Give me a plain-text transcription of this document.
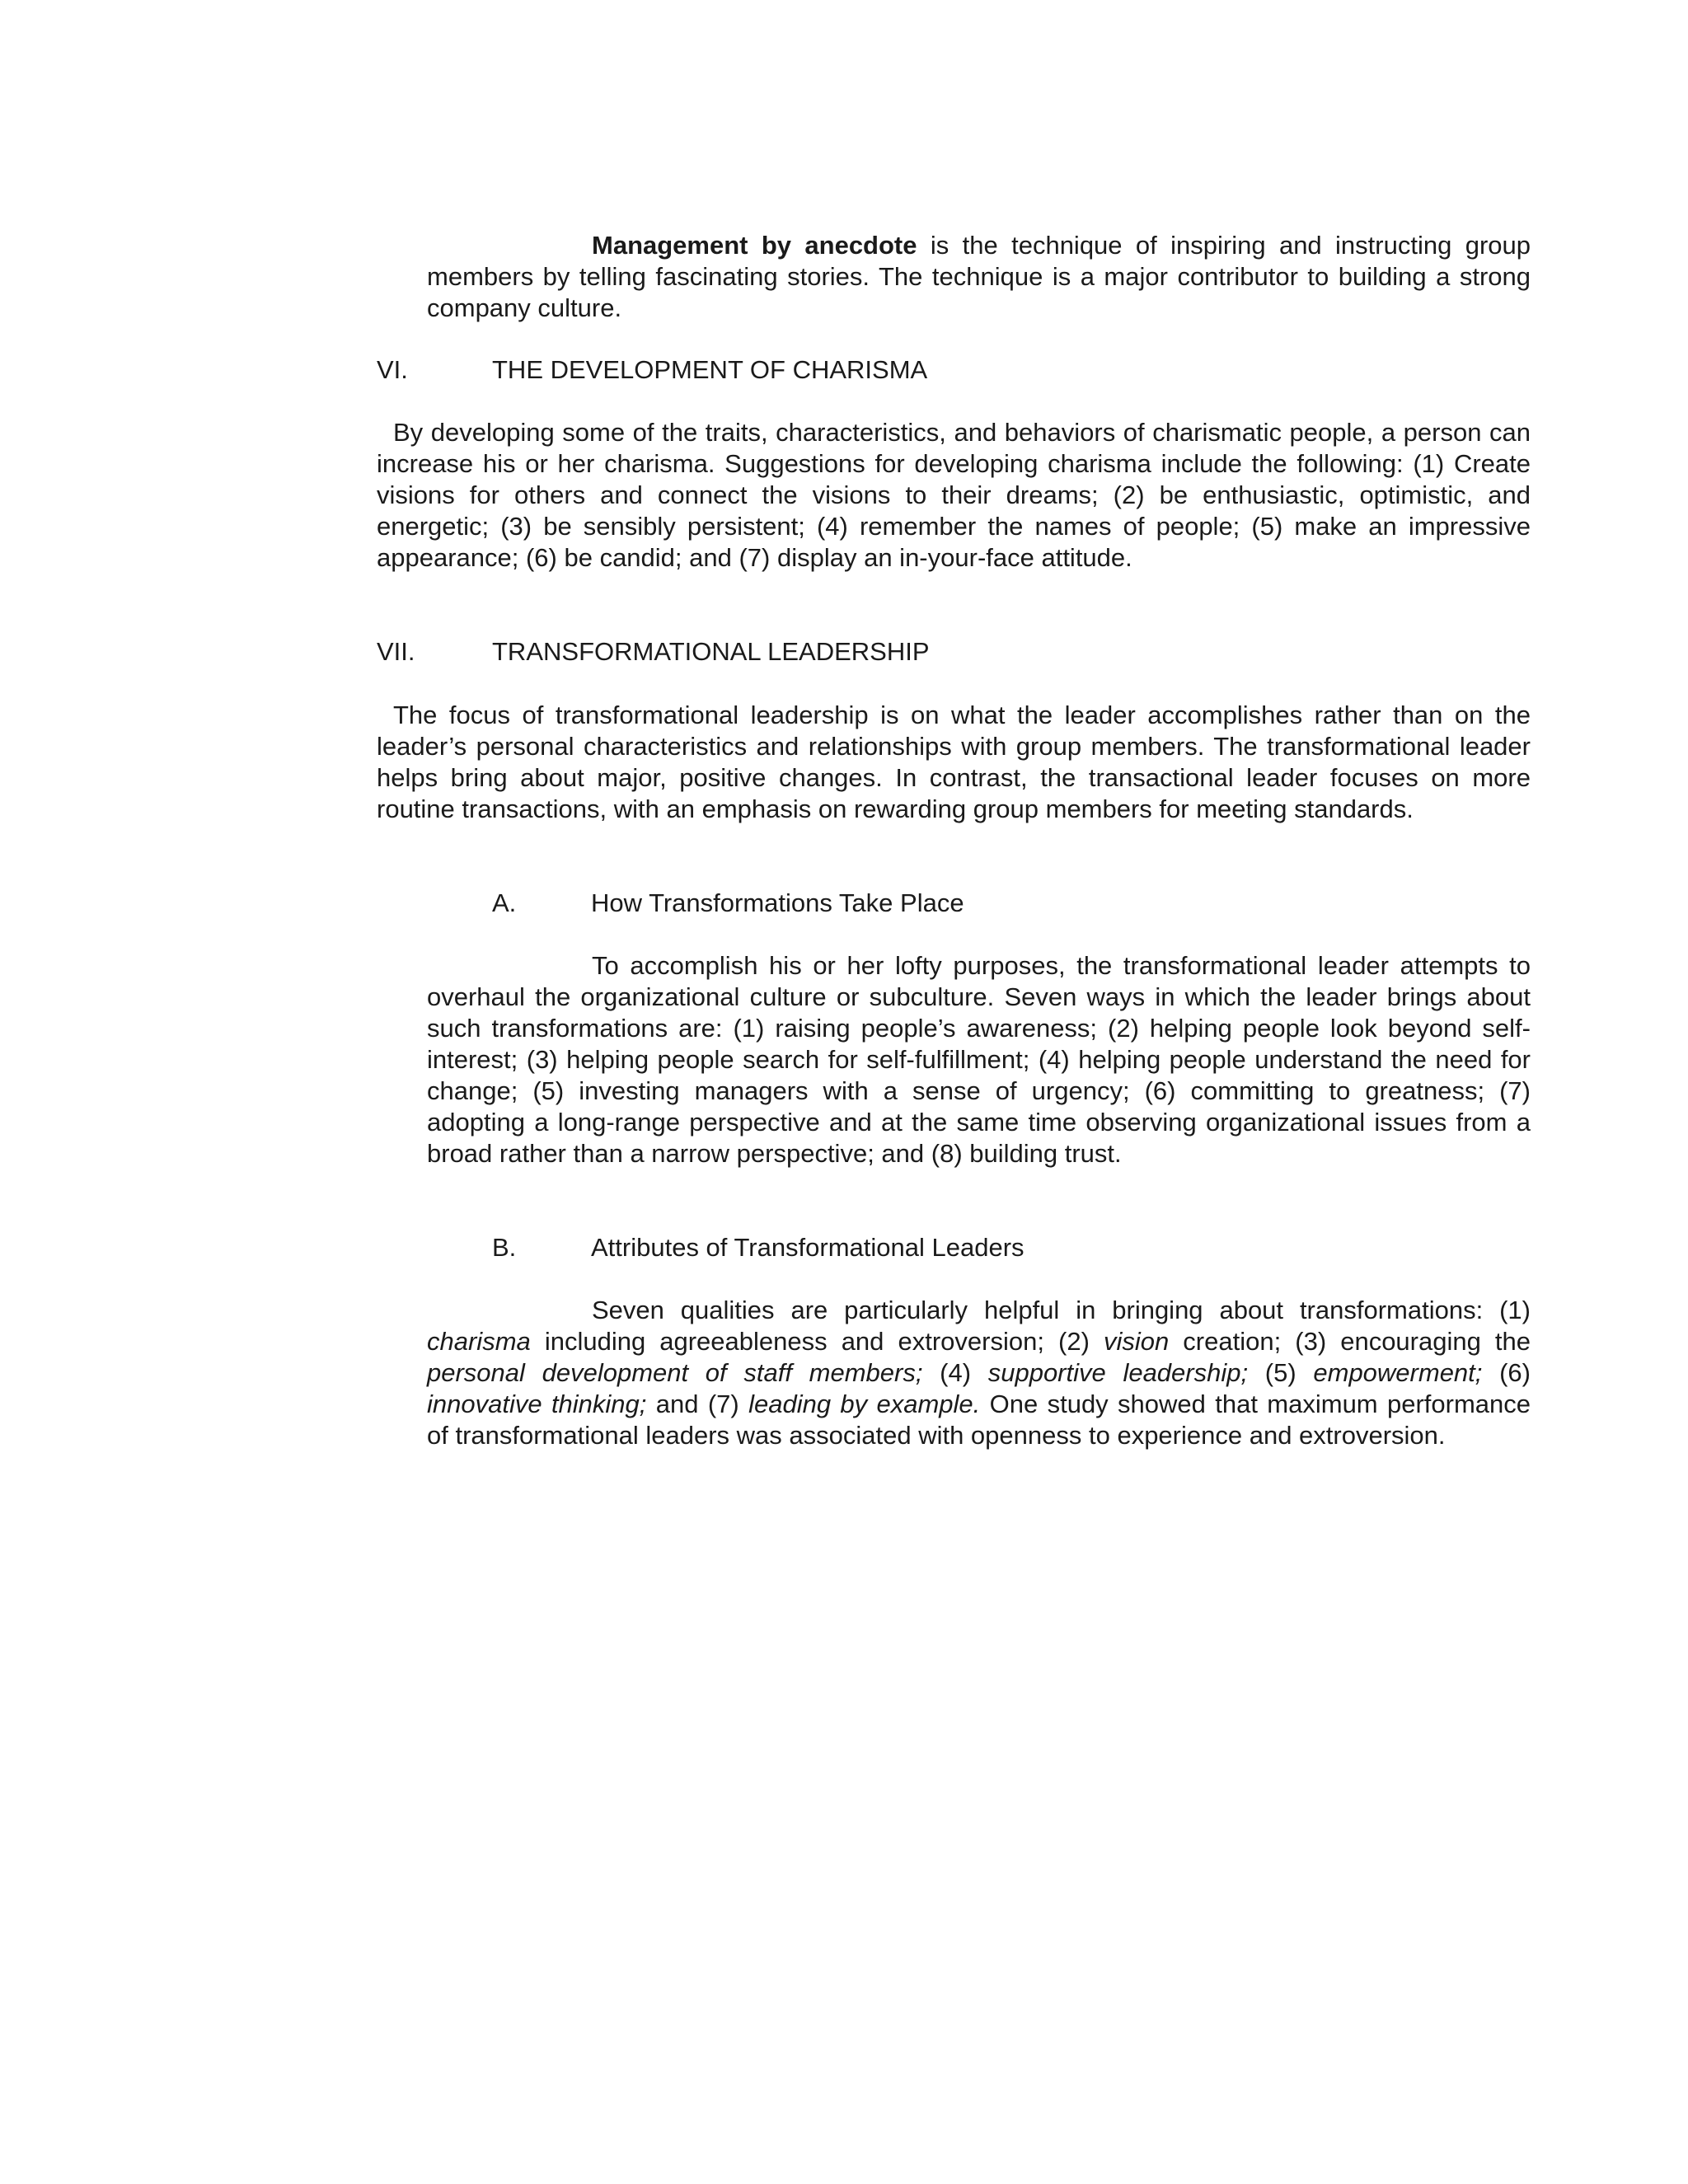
Management by anecdote is the technique of inspiring and instructing group members by telling fascinating stories. The technique is a major contributor to building a strong company culture.

VI.	THE DEVELOPMENT OF CHARISMA

By developing some of the traits, characteristics, and behaviors of charismatic people, a person can increase his or her charisma. Suggestions for developing charisma include the following: (1) Create visions for others and connect the visions to their dreams; (2) be enthusiastic, optimistic, and energetic; (3) be sensibly persistent; (4) remember the names of people; (5) make an impressive appearance; (6) be candid; and (7) display an in-your-face attitude.

VII.	TRANSFORMATIONAL LEADERSHIP

The focus of transformational leadership is on what the leader accomplishes rather than on the leader’s personal characteristics and relationships with group members. The transformational leader helps bring about major, positive changes. In contrast, the transactional leader focuses on more routine transactions, with an emphasis on rewarding group members for meeting standards.

A.	How Transformations Take Place

To accomplish his or her lofty purposes, the transformational leader attempts to overhaul the organizational culture or subculture. Seven ways in which the leader brings about such transformations are: (1) raising people’s awareness; (2) helping people look beyond self-interest; (3) helping people search for self-fulfillment; (4) helping people understand the need for change; (5) investing managers with a sense of urgency; (6) committing to greatness; (7) adopting a long-range perspective and at the same time observing organizational issues from a broad rather than a narrow perspective; and (8) building trust.

B.	Attributes of Transformational Leaders

Seven qualities are particularly helpful in bringing about transformations: (1) charisma including agreeableness and extroversion; (2) vision creation; (3) encouraging the personal development of staff members; (4) supportive leadership; (5) empowerment; (6) innovative thinking; and (7) leading by example. One study showed that maximum performance of transformational leaders was associated with openness to experience and extroversion.
